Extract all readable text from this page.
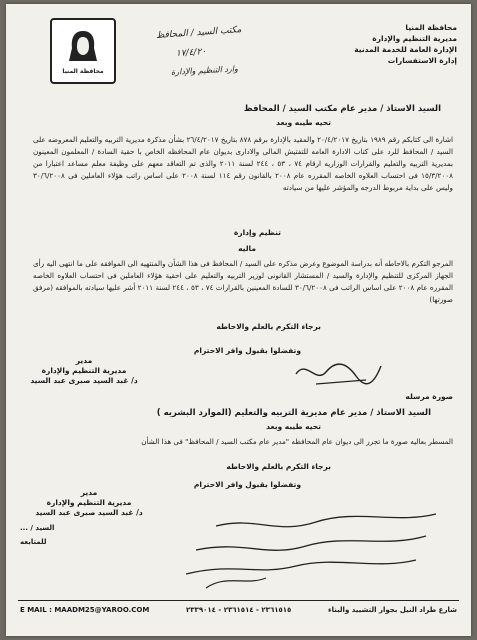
محافظة المنيا
مديرية التنظيم والإدارة
الإدارة العامة للخدمة المدنية
إدارة الاستفسارات
محافظة المنيا
مكتب السيد / المحافظ
١٧/٤/٢٠
وارد التنظيم والإدارة
السيد الاستاذ / مدير عام مكتب السيد / المحافظ
تحيه طيبه وبعد

اشارة الى كتابكم رقم ١٩٨٩ بتاريخ ٢٠/٤/٢٠١٧ والمقيد بالإدارة برقم ٨٧٨ بتاريخ ٢٦/٤/٢٠١٧ بشأن مذكرة مديرية التربيه والتعليم المعروضه على السيد / المحافظ للرد على كتاب الادارة العامه للتفتيش المالى والادارى بديوان عام المحافظه الخاص با حقية السادة / المعلمون المعينون بمديرية التربيه والتعليم والقرارات الوزاريه ارقام ٧٤ ، ٥٣ ، ٢٤٤ لسنة ٢٠١١ والذى تم التعاقد معهم على وظيفة معلم مساعد اعتبارا من ١٥/٣/٢٠٠٨ فى احتساب العلاوه الخاصه المقرره عام ٢٠٠٨ بالقانون رقم ١١٤ لسنة ٢٠٠٨ على اساس راتب هؤلاء العاملين فى ٣٠/٦/٢٠٠٨ وليس على بداية مربوط الدرجه والمؤشر عليها من سيادته

تنظيم وإدارة
ماليه

المرجو التكرم بالاحاطه أنه بدراسة الموضوع وعرض مذكره على السيد / المحافظ فى هذا الشأن والمنتهيه الى الموافقه على ما انتهى اليه رأى الجهاز المركزى للتنظيم والإدارة والسيد / المستشار القانونى لوزير التربيه والتعليم على احقية هؤلاء العاملين فى احتساب العلاوه الخاصه المقرره عام ٢٠٠٨ على اساس الراتب فى ٣٠/٦/٢٠٠٨ للسادة المعينين بالقرارات ٧٤ ، ٥٣ ، ٢٤٤ لسنة ٢٠١١ أشر عليها سيادته بالموافقه (مرفق صورتها)

برجاء التكرم بالعلم والاحاطه
وتفضلوا بقبول وافر الاحترام
مدير
مديرية التنظيم والإدارة
د/ غبد السيد صبرى عبد السيد
صورة مرسله
السيد الاستاذ / مدير عام مديرية التربيه والتعليم (الموارد البشريه )
تحيه طيبه وبعد

المسطر بعاليه صورة ما تجرر الى ديوان عام المحافظه "مدير عام مكتب السيد / المحافظ" فى هذا الشأن

برجاء التكرم بالعلم والاحاطه
وتفضلوا بقبول وافر الاحترام
مدير
مديرية التنظيم والإدارة
د/ غبد السيد صبرى عبد السيد
السيد / ...
للمتابعه
E MAIL : MAADM25@YAROO.COM	٢٣٦١٥١٥ - ٢٣٦١٥١٤ - ٢٣٣٩٠١٤	شارع طراد النيل بجوار التشييد والبناء
